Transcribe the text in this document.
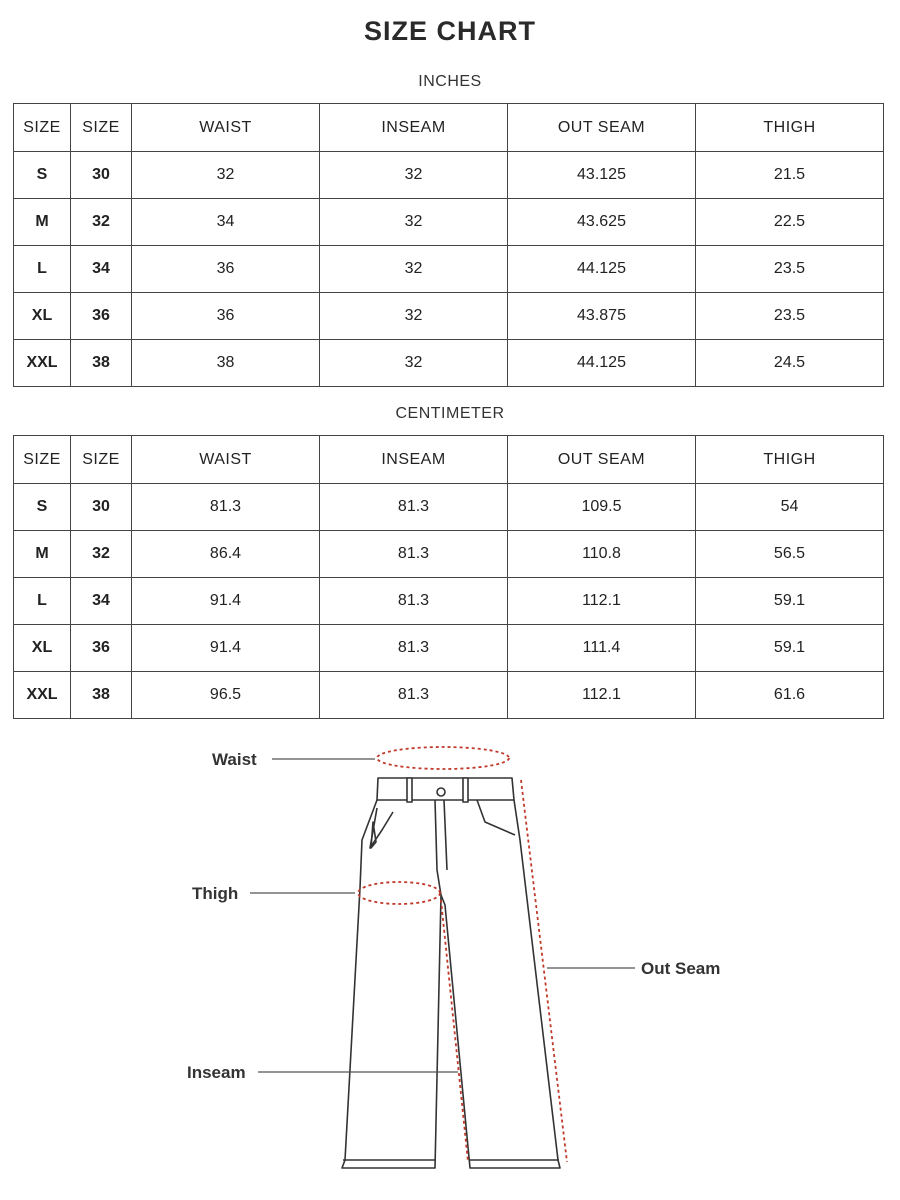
SIZE CHART
INCHES
SIZE	SIZE	WAIST	INSEAM	OUT SEAM	THIGH
S	30	32	32	43.125	21.5
M	32	34	32	43.625	22.5
L	34	36	32	44.125	23.5
XL	36	36	32	43.875	23.5
XXL	38	38	32	44.125	24.5
CENTIMETER
SIZE	SIZE	WAIST	INSEAM	OUT SEAM	THIGH
S	30	81.3	81.3	109.5	54
M	32	86.4	81.3	110.8	56.5
L	34	91.4	81.3	112.1	59.1
XL	36	91.4	81.3	111.4	59.1
XXL	38	96.5	81.3	112.1	61.6
Waist
Thigh
Out Seam
Inseam
